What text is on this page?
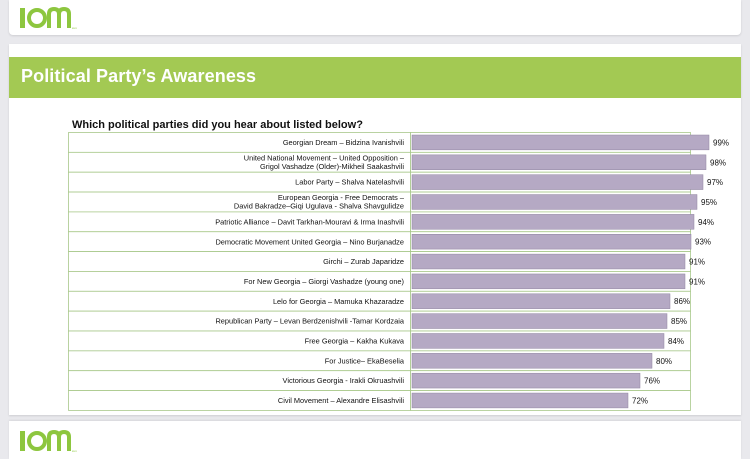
iom
Political Party’s Awareness
Which political parties did you hear about listed below?
Georgian Dream – Bidzina Ivanishvili	99%
United National Movement – United Opposition – Grigol Vashadze (Older)-Mikheil Saakashvili	98%
Labor Party – Shalva Natelashvili	97%
European Georgia - Free Democrats – David Bakradze–Giqi Ugulava - Shalva Shavgulidze	95%
Patriotic Alliance – Davit Tarkhan-Mouravi & Irma Inashvili	94%
Democratic Movement United Georgia – Nino Burjanadze	93%
Girchi – Zurab Japaridze	91%
For New Georgia – Giorgi Vashadze (young one)	91%
Lelo for Georgia – Mamuka Khazaradze	86%
Republican Party – Levan Berdzenishvili -Tamar Kordzaia	85%
Free Georgia – Kakha Kukava	84%
For Justice– EkaBeselia	80%
Victorious Georgia - Irakli Okruashvili	76%
Civil Movement – Alexandre Elisashvili	72%
iom
